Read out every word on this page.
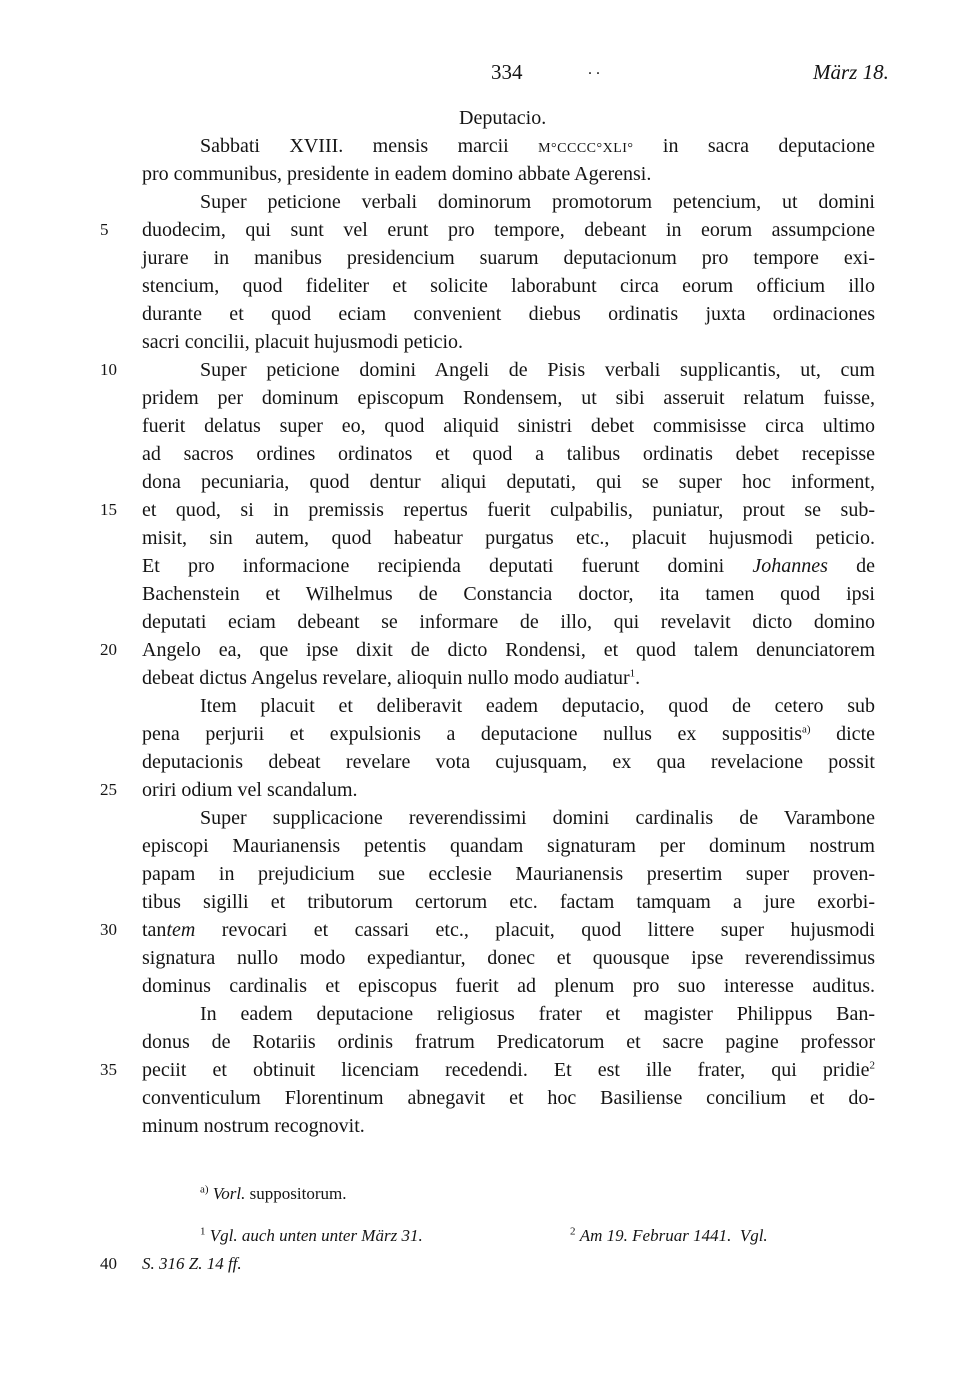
334	. .	März 18.
Deputacio.
Sabbati XVIII. mensis marcii M°CCCC°XLI° in sacra deputacione
pro communibus, presidente in eadem domino abbate Agerensi.
Super peticione verbali dominorum promotorum petencium, ut domini
duodecim, qui sunt vel erunt pro tempore, debeant in eorum assumpcione
jurare in manibus presidencium suarum deputacionum pro tempore exi-
stencium, quod fideliter et solicite laborabunt circa eorum officium illo
durante et quod eciam convenient diebus ordinatis juxta ordinaciones
sacri concilii, placuit hujusmodi peticio.
Super peticione domini Angeli de Pisis verbali supplicantis, ut, cum
pridem per dominum episcopum Rondensem, ut sibi asseruit relatum fuisse,
fuerit delatus super eo, quod aliquid sinistri debet commisisse circa ultimo
ad sacros ordines ordinatos et quod a talibus ordinatis debet recepisse
dona pecuniaria, quod dentur aliqui deputati, qui se super hoc informent,
et quod, si in premissis repertus fuerit culpabilis, puniatur, prout se sub-
misit, sin autem, quod habeatur purgatus etc., placuit hujusmodi peticio.
Et pro informacione recipienda deputati fuerunt domini Johannes de
Bachenstein et Wilhelmus de Constancia doctor, ita tamen quod ipsi
deputati eciam debeant se informare de illo, qui revelavit dicto domino
Angelo ea, que ipse dixit de dicto Rondensi, et quod talem denunciatorem
debeat dictus Angelus revelare, alioquin nullo modo audiatur$^1$.
Item placuit et deliberavit eadem deputacio, quod de cetero sub
pena perjurii et expulsionis a deputacione nullus ex suppositis$^{a)}$ dicte
deputacionis debeat revelare vota cujusquam, ex qua revelacione possit
oriri odium vel scandalum.
Super supplicacione reverendissimi domini cardinalis de Varambone
episcopi Maurianensis petentis quandam signaturam per dominum nostrum
papam in prejudicium sue ecclesie Maurianensis presertim super proven-
tibus sigilli et tributorum certorum etc. factam tamquam a jure exorbi-
tantem revocari et cassari etc., placuit, quod littere super hujusmodi
signatura nullo modo expediantur, donec et quousque ipse reverendissimus
dominus cardinalis et episcopus fuerit ad plenum pro suo interesse auditus.
In eadem deputacione religiosus frater et magister Philippus Ban-
donus de Rotariis ordinis fratrum Predicatorum et sacre pagine professor
peciit et obtinuit licenciam recedendi. Et est ille frater, qui pridie$^2$
conventiculum Florentinum abnegavit et hoc Basiliense concilium et do-
minum nostrum recognovit.
5
10
15
20
25
30
35
40
$^{a)}$ Vorl. suppositorum.
$^1$ Vgl. auch unten unter März 31.	$^2$ Am 19. Februar 1441.  Vgl.
S. 316 Z. 14 ff.
